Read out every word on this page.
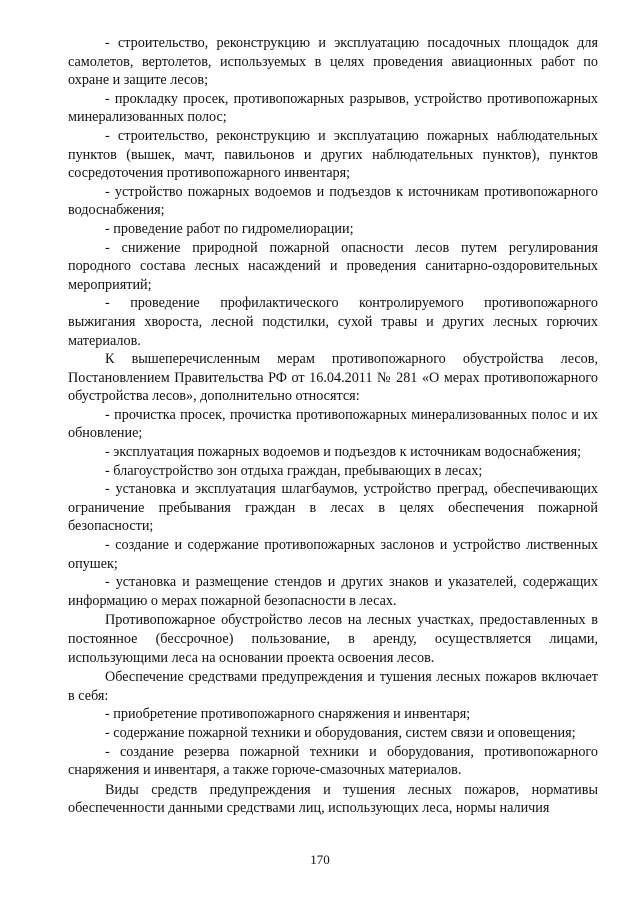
- строительство, реконструкцию и эксплуатацию посадочных площадок для самолетов, вертолетов, используемых в целях проведения авиационных работ по охране и защите лесов;

- прокладку просек, противопожарных разрывов, устройство противопожарных минерализованных полос;

- строительство, реконструкцию и эксплуатацию пожарных наблюдательных пунктов (вышек, мачт, павильонов и других наблюдательных пунктов), пунктов сосредоточения противопожарного инвентаря;

- устройство пожарных водоемов и подъездов к источникам противопожарного водоснабжения;

- проведение работ по гидромелиорации;

- снижение природной пожарной опасности лесов путем регулирования породного состава лесных насаждений и проведения санитарно-оздоровительных мероприятий;

- проведение профилактического контролируемого противопожарного выжигания хвороста, лесной подстилки, сухой травы и других лесных горючих материалов.

К вышеперечисленным мерам противопожарного обустройства лесов, Постановлением Правительства РФ от 16.04.2011 № 281 «О мерах противопожарного обустройства лесов», дополнительно относятся:

- прочистка просек, прочистка противопожарных минерализованных полос и их обновление;

- эксплуатация пожарных водоемов и подъездов к источникам водоснабжения;

- благоустройство зон отдыха граждан, пребывающих в лесах;

- установка и эксплуатация шлагбаумов, устройство преград, обеспечивающих ограничение пребывания граждан в лесах в целях обеспечения пожарной безопасности;

- создание и содержание противопожарных заслонов и устройство лиственных опушек;

- установка и размещение стендов и других знаков и указателей, содержащих информацию о мерах пожарной безопасности в лесах.

Противопожарное обустройство лесов на лесных участках, предоставленных в постоянное (бессрочное) пользование, в аренду, осуществляется лицами, использующими леса на основании проекта освоения лесов.

Обеспечение средствами предупреждения и тушения лесных пожаров включает в себя:

- приобретение противопожарного снаряжения и инвентаря;

- содержание пожарной техники и оборудования, систем связи и оповещения;

- создание резерва пожарной техники и оборудования, противопожарного снаряжения и инвентаря, а также горюче-смазочных материалов.

Виды средств предупреждения и тушения лесных пожаров, нормативы обеспеченности данными средствами лиц, использующих леса, нормы наличия

170
